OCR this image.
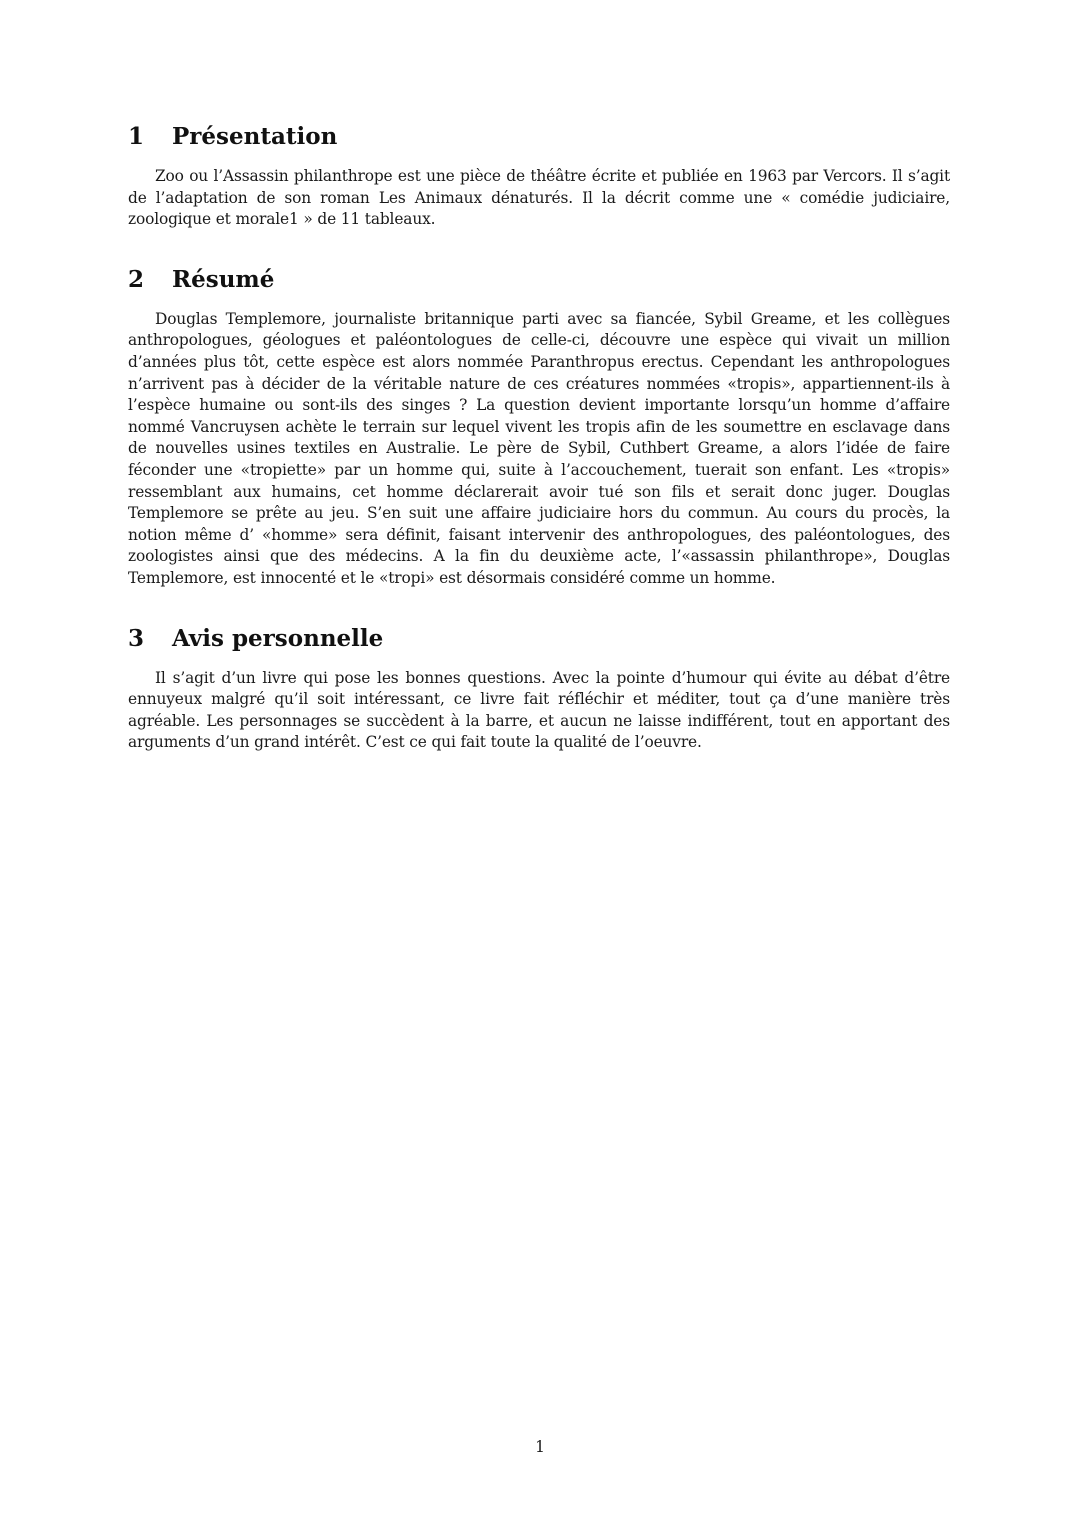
1	Présentation

Zoo ou l’Assassin philanthrope est une pièce de théâtre écrite et publiée en 1963 par Vercors. Il s’agit de l’adaptation de son roman Les Animaux dénaturés. Il la décrit comme une « comédie judiciaire, zoologique et morale1 » de 11 tableaux.

2	Résumé

Douglas Templemore, journaliste britannique parti avec sa fiancée, Sybil Greame, et les collègues anthropologues, géologues et paléontologues de celle-ci, découvre une espèce qui vivait un million d’années plus tôt, cette espèce est alors nommée Paranthropus erectus. Cependant les anthropologues n’arrivent pas à décider de la véritable nature de ces créatures nommées «tropis», appartiennent-ils à l’espèce humaine ou sont-ils des singes ? La question devient importante lorsqu’un homme d’affaire nommé Vancruysen achète le terrain sur lequel vivent les tropis afin de les soumettre en esclavage dans de nouvelles usines textiles en Australie. Le père de Sybil, Cuthbert Greame, a alors l’idée de faire féconder une «tropiette» par un homme qui, suite à l’accouchement, tuerait son enfant. Les «tropis» ressemblant aux humains, cet homme déclarerait avoir tué son fils et serait donc juger. Douglas Templemore se prête au jeu. S’en suit une affaire judiciaire hors du commun. Au cours du procès, la notion même d’ «homme» sera définit, faisant intervenir des anthropologues, des paléontologues, des zoologistes ainsi que des médecins. A la fin du deuxième acte, l’«assassin philanthrope», Douglas Templemore, est innocenté et le «tropi» est désormais considéré comme un homme.

3	Avis personnelle

Il s’agit d’un livre qui pose les bonnes questions. Avec la pointe d’humour qui évite au débat d’être ennuyeux malgré qu’il soit intéressant, ce livre fait réfléchir et méditer, tout ça d’une manière très agréable. Les personnages se succèdent à la barre, et aucun ne laisse indifférent, tout en apportant des arguments d’un grand intérêt. C’est ce qui fait toute la qualité de l’oeuvre.

1
